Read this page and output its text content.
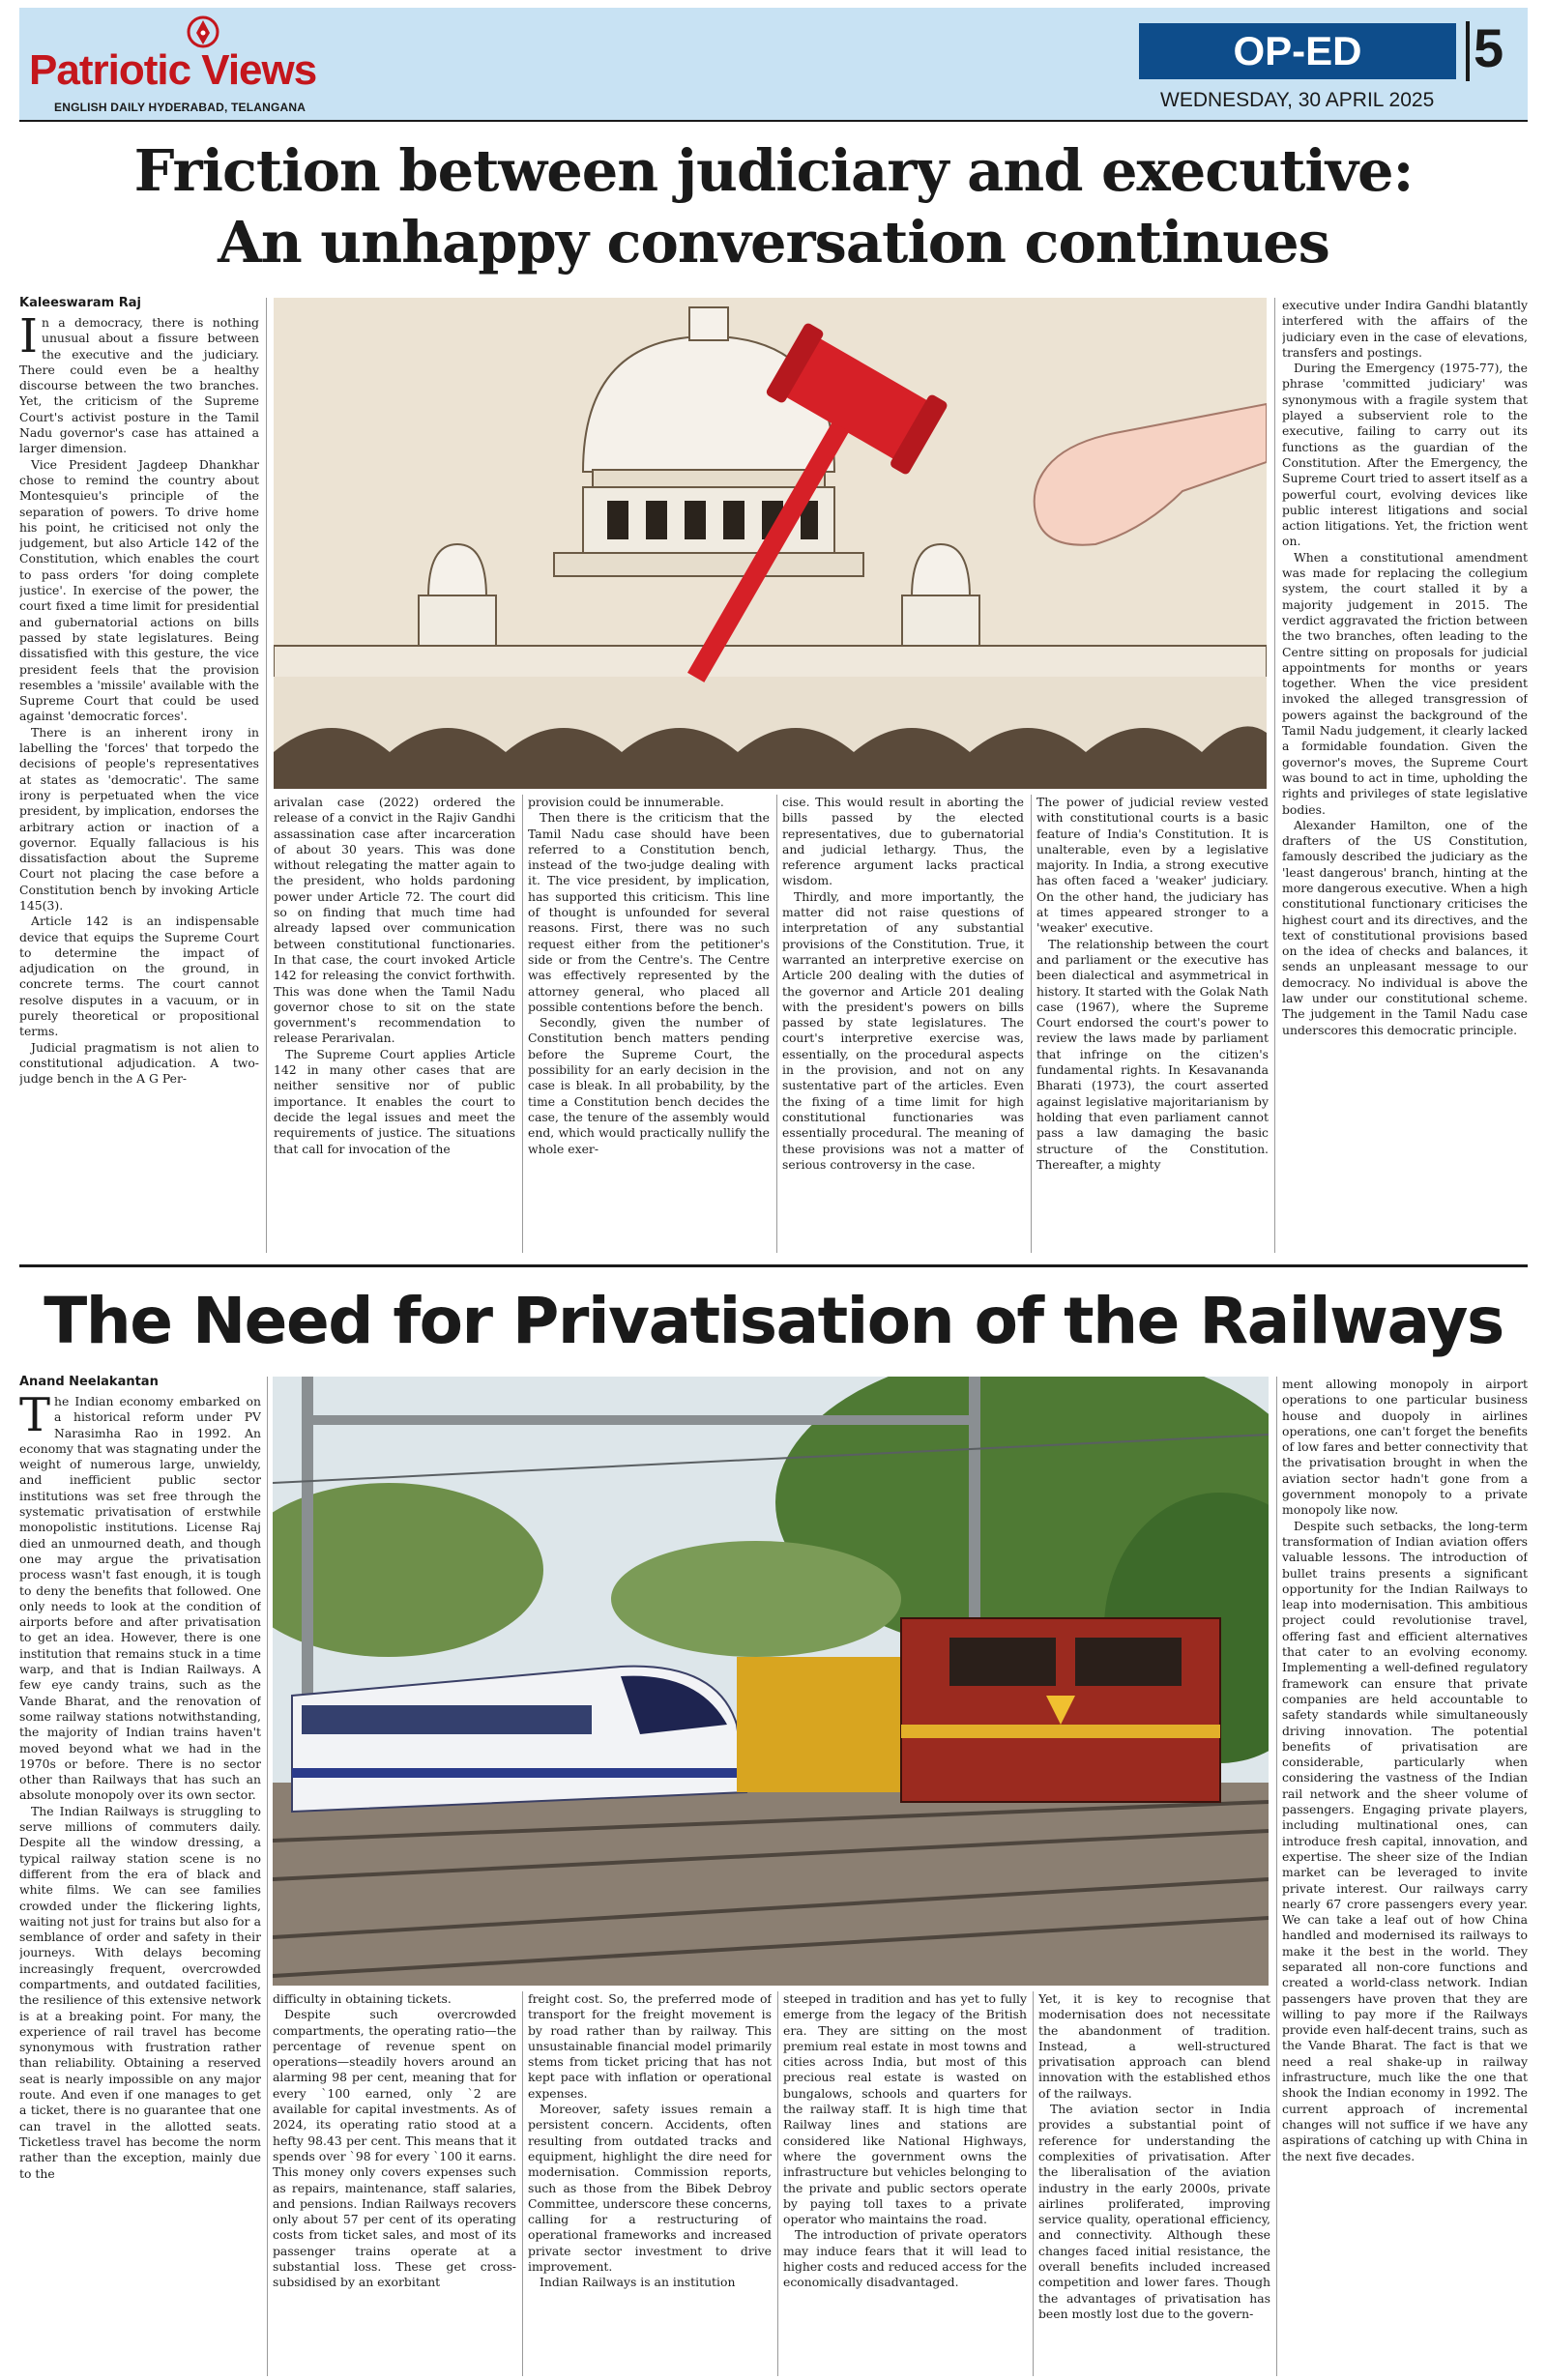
Patriotic Views
ENGLISH DAILY HYDERABAD, TELANGANA
OP-ED	5
WEDNESDAY, 30 APRIL 2025
Friction between judiciary and executive:
An unhappy conversation continues
Kaleeswaram Raj

In a democracy, there is nothing unusual about a fissure between the executive and the judiciary. There could even be a healthy discourse between the two branches. Yet, the criticism of the Supreme Court's activist posture in the Tamil Nadu governor's case has attained a larger dimension.

Vice President Jagdeep Dhankhar chose to remind the country about Montesquieu's principle of the separation of powers. To drive home his point, he criticised not only the judgement, but also Article 142 of the Constitution, which enables the court to pass orders 'for doing complete justice'. In exercise of the power, the court fixed a time limit for presidential and gubernatorial actions on bills passed by state legislatures. Being dissatisfied with this gesture, the vice president feels that the provision resembles a 'missile' available with the Supreme Court that could be used against 'democratic forces'.

There is an inherent irony in labelling the 'forces' that torpedo the decisions of people's representatives at states as 'democratic'. The same irony is perpetuated when the vice president, by implication, endorses the arbitrary action or inaction of a governor. Equally fallacious is his dissatisfaction about the Supreme Court not placing the case before a Constitution bench by invoking Article 145(3).

Article 142 is an indispensable device that equips the Supreme Court to determine the impact of adjudication on the ground, in concrete terms. The court cannot resolve disputes in a vacuum, or in purely theoretical or propositional terms.

Judicial pragmatism is not alien to constitutional adjudication. A two-judge bench in the A G Per-

arivalan case (2022) ordered the release of a convict in the Rajiv Gandhi assassination case after incarceration of about 30 years. This was done without relegating the matter again to the president, who holds pardoning power under Article 72. The court did so on finding that much time had already lapsed over communication between constitutional functionaries. In that case, the court invoked Article 142 for releasing the convict forthwith. This was done when the Tamil Nadu governor chose to sit on the state government's recommendation to release Perarivalan.

The Supreme Court applies Article 142 in many other cases that are neither sensitive nor of public importance. It enables the court to decide the legal issues and meet the requirements of justice. The situations that call for invocation of the

provision could be innumerable.

Then there is the criticism that the Tamil Nadu case should have been referred to a Constitution bench, instead of the two-judge dealing with it. The vice president, by implication, has supported this criticism. This line of thought is unfounded for several reasons. First, there was no such request either from the petitioner's side or from the Centre's. The Centre was effectively represented by the attorney general, who placed all possible contentions before the bench.

Secondly, given the number of Constitution bench matters pending before the Supreme Court, the possibility for an early decision in the case is bleak. In all probability, by the time a Constitution bench decides the case, the tenure of the assembly would end, which would practically nullify the whole exer-

cise. This would result in aborting the bills passed by the elected representatives, due to gubernatorial and judicial lethargy. Thus, the reference argument lacks practical wisdom.

Thirdly, and more importantly, the matter did not raise questions of interpretation of any substantial provisions of the Constitution. True, it warranted an interpretive exercise on Article 200 dealing with the duties of the governor and Article 201 dealing with the president's powers on bills passed by state legislatures. The court's interpretive exercise was, essentially, on the procedural aspects in the provision, and not on any sustentative part of the articles. Even the fixing of a time limit for high constitutional functionaries was essentially procedural. The meaning of these provisions was not a matter of serious controversy in the case.

The power of judicial review vested with constitutional courts is a basic feature of India's Constitution. It is unalterable, even by a legislative majority. In India, a strong executive has often faced a 'weaker' judiciary. On the other hand, the judiciary has at times appeared stronger to a 'weaker' executive.

The relationship between the court and parliament or the executive has been dialectical and asymmetrical in history. It started with the Golak Nath case (1967), where the Supreme Court endorsed the court's power to review the laws made by parliament that infringe on the citizen's fundamental rights. In Kesavananda Bharati (1973), the court asserted against legislative majoritarianism by holding that even parliament cannot pass a law damaging the basic structure of the Constitution. Thereafter, a mighty

executive under Indira Gandhi blatantly interfered with the affairs of the judiciary even in the case of elevations, transfers and postings.

During the Emergency (1975-77), the phrase 'committed judiciary' was synonymous with a fragile system that played a subservient role to the executive, failing to carry out its functions as the guardian of the Constitution. After the Emergency, the Supreme Court tried to assert itself as a powerful court, evolving devices like public interest litigations and social action litigations. Yet, the friction went on.

When a constitutional amendment was made for replacing the collegium system, the court stalled it by a majority judgement in 2015. The verdict aggravated the friction between the two branches, often leading to the Centre sitting on proposals for judicial appointments for months or years together. When the vice president invoked the alleged transgression of powers against the background of the Tamil Nadu judgement, it clearly lacked a formidable foundation. Given the governor's moves, the Supreme Court was bound to act in time, upholding the rights and privileges of state legislative bodies.

Alexander Hamilton, one of the drafters of the US Constitution, famously described the judiciary as the 'least dangerous' branch, hinting at the more dangerous executive. When a high constitutional functionary criticises the highest court and its directives, and the text of constitutional provisions based on the idea of checks and balances, it sends an unpleasant message to our democracy. No individual is above the law under our constitutional scheme. The judgement in the Tamil Nadu case underscores this democratic principle.

The Need for Privatisation of the Railways
Anand Neelakantan

The Indian economy embarked on a historical reform under PV Narasimha Rao in 1992. An economy that was stagnating under the weight of numerous large, unwieldy, and inefficient public sector institutions was set free through the systematic privatisation of erstwhile monopolistic institutions. License Raj died an unmourned death, and though one may argue the privatisation process wasn't fast enough, it is tough to deny the benefits that followed. One only needs to look at the condition of airports before and after privatisation to get an idea. However, there is one institution that remains stuck in a time warp, and that is Indian Railways. A few eye candy trains, such as the Vande Bharat, and the renovation of some railway stations notwithstanding, the majority of Indian trains haven't moved beyond what we had in the 1970s or before. There is no sector other than Railways that has such an absolute monopoly over its own sector.

The Indian Railways is struggling to serve millions of commuters daily. Despite all the window dressing, a typical railway station scene is no different from the era of black and white films. We can see families crowded under the flickering lights, waiting not just for trains but also for a semblance of order and safety in their journeys. With delays becoming increasingly frequent, overcrowded compartments, and outdated facilities, the resilience of this extensive network is at a breaking point. For many, the experience of rail travel has become synonymous with frustration rather than reliability. Obtaining a reserved seat is nearly impossible on any major route. And even if one manages to get a ticket, there is no guarantee that one can travel in the allotted seats. Ticketless travel has become the norm rather than the exception, mainly due to the

difficulty in obtaining tickets.

Despite such overcrowded compartments, the operating ratio—the percentage of revenue spent on operations—steadily hovers around an alarming 98 per cent, meaning that for every `100 earned, only `2 are available for capital investments. As of 2024, its operating ratio stood at a hefty 98.43 per cent. This means that it spends over `98 for every `100 it earns. This money only covers expenses such as repairs, maintenance, staff salaries, and pensions. Indian Railways recovers only about 57 per cent of its operating costs from ticket sales, and most of its passenger trains operate at a substantial loss. These get cross-subsidised by an exorbitant

freight cost. So, the preferred mode of transport for the freight movement is by road rather than by railway. This unsustainable financial model primarily stems from ticket pricing that has not kept pace with inflation or operational expenses.

Moreover, safety issues remain a persistent concern. Accidents, often resulting from outdated tracks and equipment, highlight the dire need for modernisation. Commission reports, such as those from the Bibek Debroy Committee, underscore these concerns, calling for a restructuring of operational frameworks and increased private sector investment to drive improvement.

Indian Railways is an institution

steeped in tradition and has yet to fully emerge from the legacy of the British era. They are sitting on the most premium real estate in most towns and cities across India, but most of this precious real estate is wasted on bungalows, schools and quarters for the railway staff. It is high time that Railway lines and stations are considered like National Highways, where the government owns the infrastructure but vehicles belonging to the private and public sectors operate by paying toll taxes to a private operator who maintains the road.

The introduction of private operators may induce fears that it will lead to higher costs and reduced access for the economically disadvantaged.

Yet, it is key to recognise that modernisation does not necessitate the abandonment of tradition. Instead, a well-structured privatisation approach can blend innovation with the established ethos of the railways.

The aviation sector in India provides a substantial point of reference for understanding the complexities of privatisation. After the liberalisation of the aviation industry in the early 2000s, private airlines proliferated, improving service quality, operational efficiency, and connectivity. Although these changes faced initial resistance, the overall benefits included increased competition and lower fares. Though the advantages of privatisation has been mostly lost due to the govern-

ment allowing monopoly in airport operations to one particular business house and duopoly in airlines operations, one can't forget the benefits of low fares and better connectivity that the privatisation brought in when the aviation sector hadn't gone from a government monopoly to a private monopoly like now.

Despite such setbacks, the long-term transformation of Indian aviation offers valuable lessons. The introduction of bullet trains presents a significant opportunity for the Indian Railways to leap into modernisation. This ambitious project could revolutionise travel, offering fast and efficient alternatives that cater to an evolving economy. Implementing a well-defined regulatory framework can ensure that private companies are held accountable to safety standards while simultaneously driving innovation. The potential benefits of privatisation are considerable, particularly when considering the vastness of the Indian rail network and the sheer volume of passengers. Engaging private players, including multinational ones, can introduce fresh capital, innovation, and expertise. The sheer size of the Indian market can be leveraged to invite private interest. Our railways carry nearly 67 crore passengers every year. We can take a leaf out of how China handled and modernised its railways to make it the best in the world. They separated all non-core functions and created a world-class network. Indian passengers have proven that they are willing to pay more if the Railways provide even half-decent trains, such as the Vande Bharat. The fact is that we need a real shake-up in railway infrastructure, much like the one that shook the Indian economy in 1992. The current approach of incremental changes will not suffice if we have any aspirations of catching up with China in the next five decades.
